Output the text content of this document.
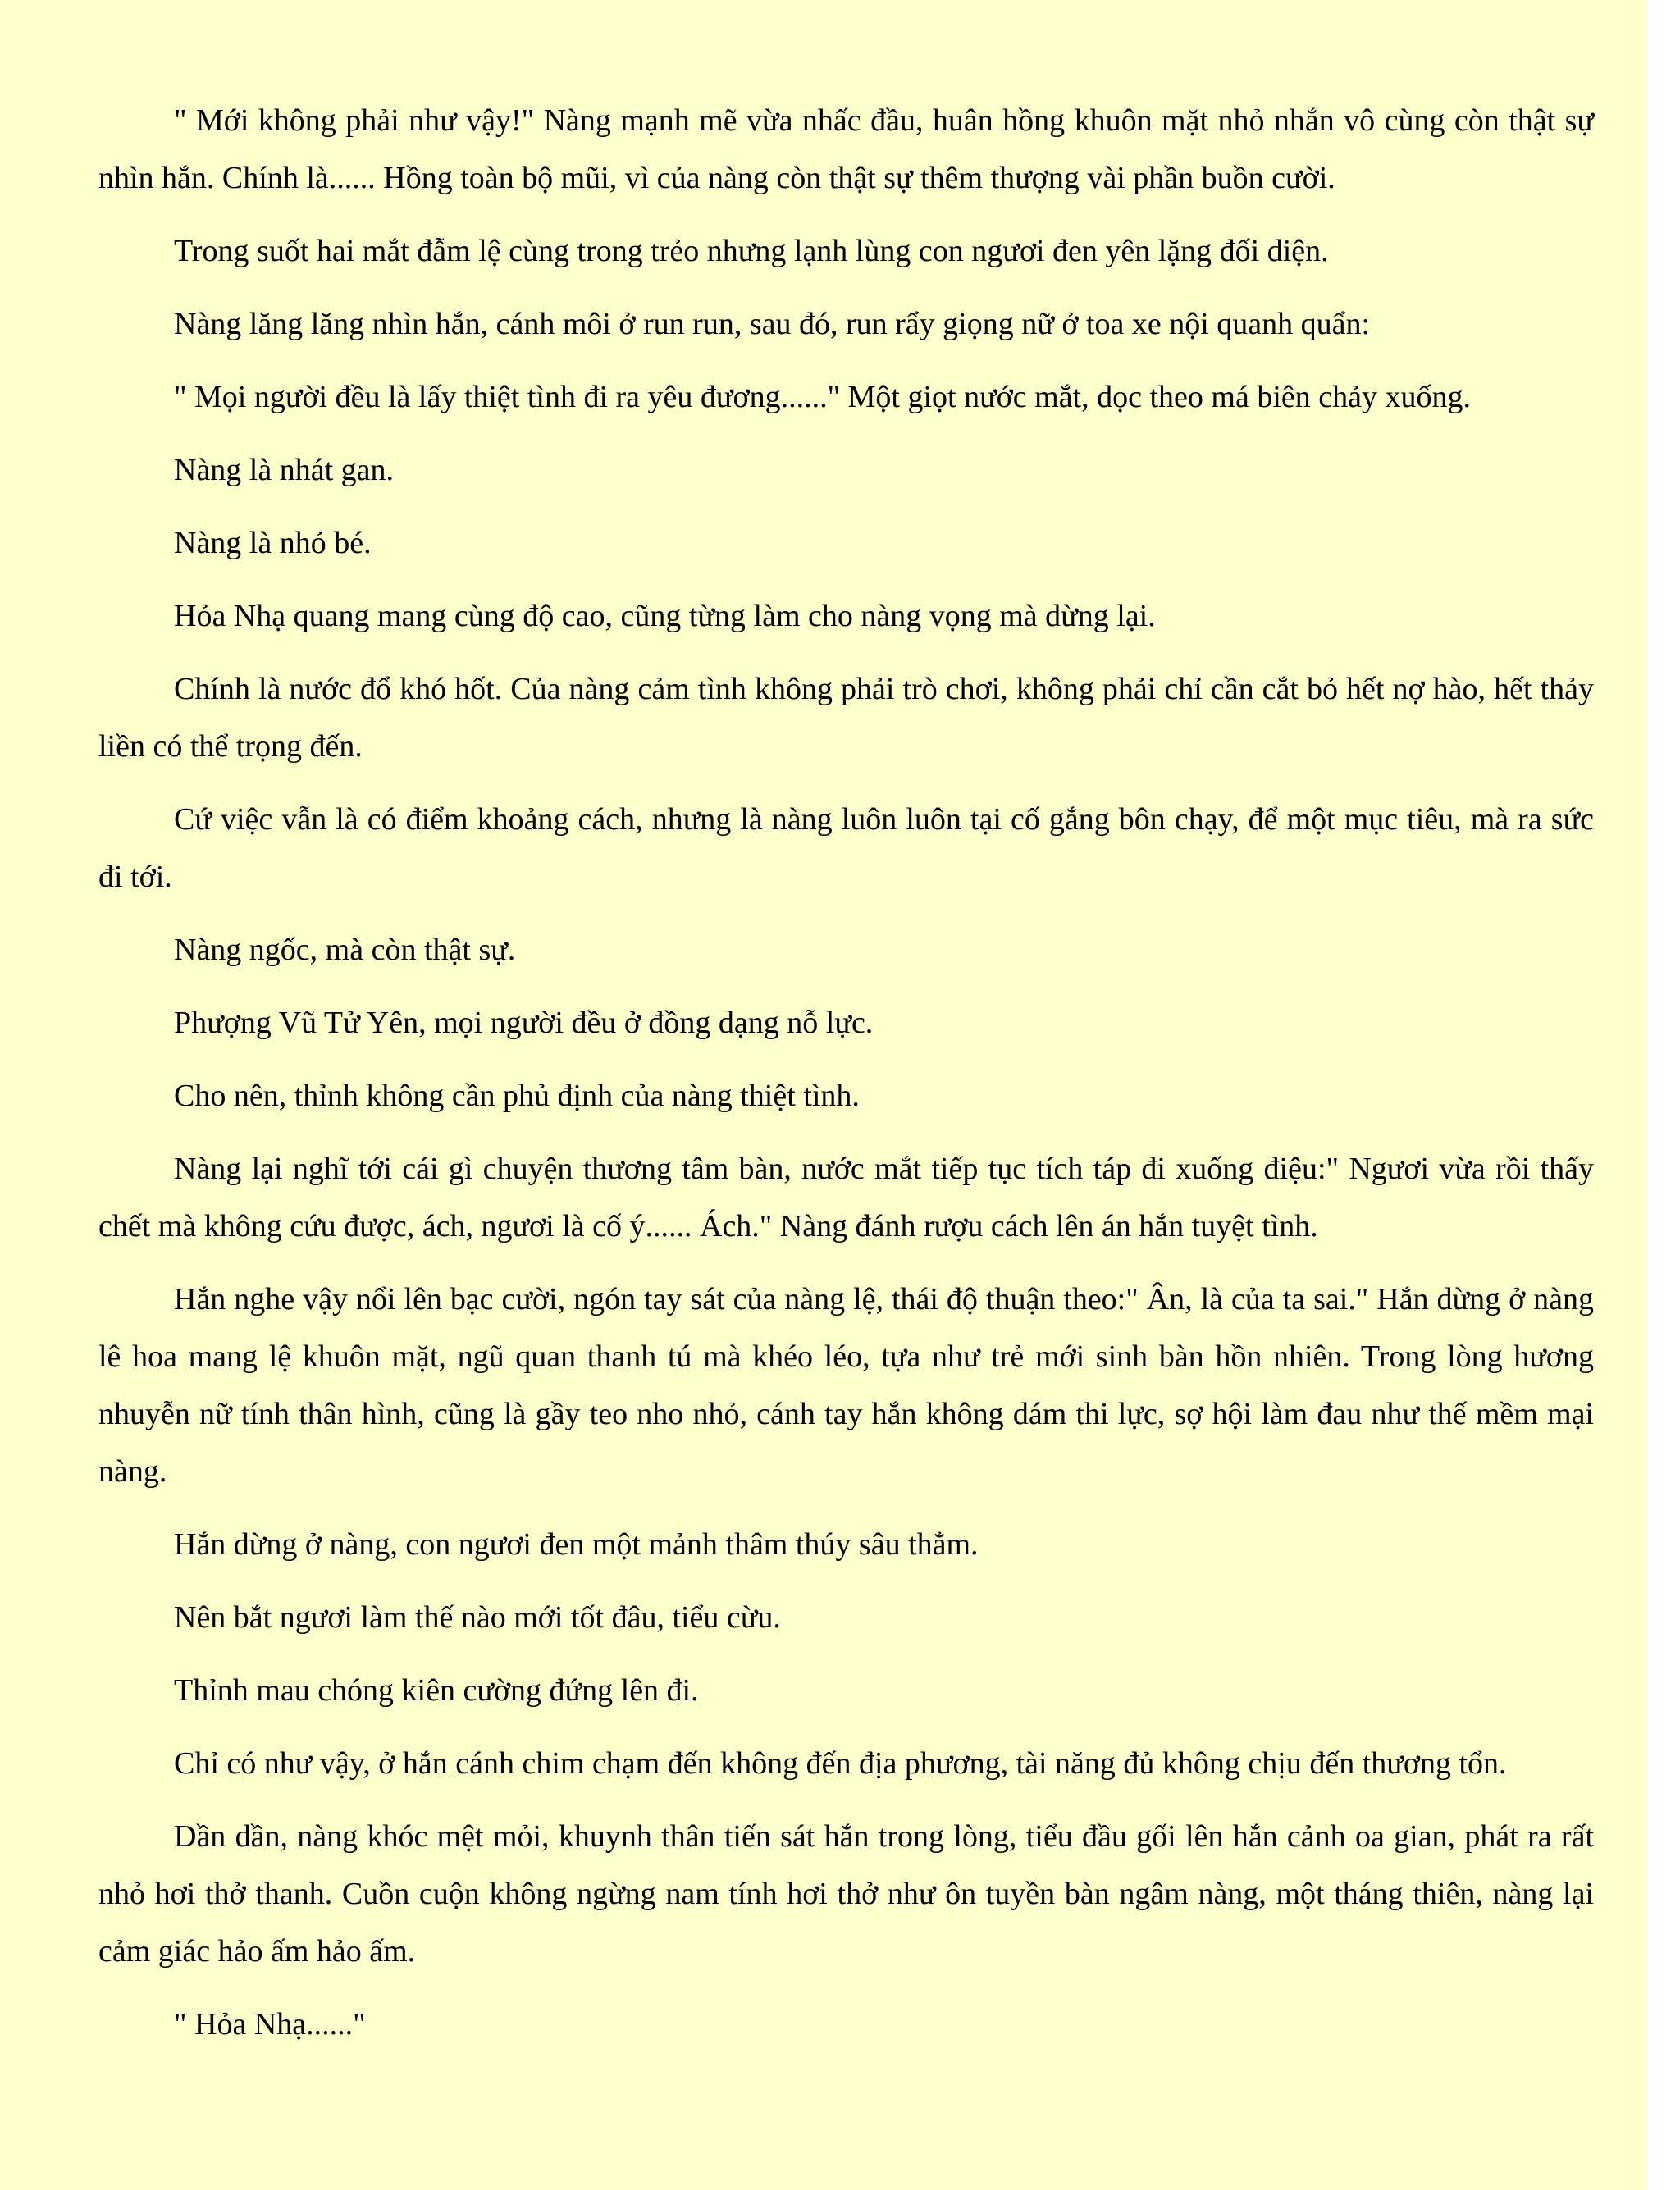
" Mới không phải như vậy!" Nàng mạnh mẽ vừa nhấc đầu, huân hồng khuôn mặt nhỏ nhắn vô cùng còn thật sự nhìn hắn. Chính là...... Hồng toàn bộ mũi, vì của nàng còn thật sự thêm thượng vài phần buồn cười.

Trong suốt hai mắt đẫm lệ cùng trong trẻo nhưng lạnh lùng con ngươi đen yên lặng đối diện.

Nàng lăng lăng nhìn hắn, cánh môi ở run run, sau đó, run rẩy giọng nữ ở toa xe nội quanh quẩn:

" Mọi người đều là lấy thiệt tình đi ra yêu đương......" Một giọt nước mắt, dọc theo má biên chảy xuống.

Nàng là nhát gan.

Nàng là nhỏ bé.

Hỏa Nhạ quang mang cùng độ cao, cũng từng làm cho nàng vọng mà dừng lại.

Chính là nước đổ khó hốt. Của nàng cảm tình không phải trò chơi, không phải chỉ cần cắt bỏ hết nợ hào, hết thảy liền có thể trọng đến.

Cứ việc vẫn là có điểm khoảng cách, nhưng là nàng luôn luôn tại cố gắng bôn chạy, để một mục tiêu, mà ra sức đi tới.

Nàng ngốc, mà còn thật sự.

Phượng Vũ Tử Yên, mọi người đều ở đồng dạng nỗ lực.

Cho nên, thỉnh không cần phủ định của nàng thiệt tình.

Nàng lại nghĩ tới cái gì chuyện thương tâm bàn, nước mắt tiếp tục tích táp đi xuống điệu:" Ngươi vừa rồi thấy chết mà không cứu được, ách, ngươi là cố ý...... Ách." Nàng đánh rượu cách lên án hắn tuyệt tình.

Hắn nghe vậy nổi lên bạc cười, ngón tay sát của nàng lệ, thái độ thuận theo:" Ân, là của ta sai." Hắn dừng ở nàng lê hoa mang lệ khuôn mặt, ngũ quan thanh tú mà khéo léo, tựa như trẻ mới sinh bàn hồn nhiên. Trong lòng hương nhuyễn nữ tính thân hình, cũng là gầy teo nho nhỏ, cánh tay hắn không dám thi lực, sợ hội làm đau như thế mềm mại nàng.

Hắn dừng ở nàng, con ngươi đen một mảnh thâm thúy sâu thẳm.

Nên bắt ngươi làm thế nào mới tốt đâu, tiểu cừu.

Thỉnh mau chóng kiên cường đứng lên đi.

Chỉ có như vậy, ở hắn cánh chim chạm đến không đến địa phương, tài năng đủ không chịu đến thương tổn.

Dần dần, nàng khóc mệt mỏi, khuynh thân tiến sát hắn trong lòng, tiểu đầu gối lên hắn cảnh oa gian, phát ra rất nhỏ hơi thở thanh. Cuồn cuộn không ngừng nam tính hơi thở như ôn tuyền bàn ngâm nàng, một tháng thiên, nàng lại cảm giác hảo ấm hảo ấm.

" Hỏa Nhạ......"
